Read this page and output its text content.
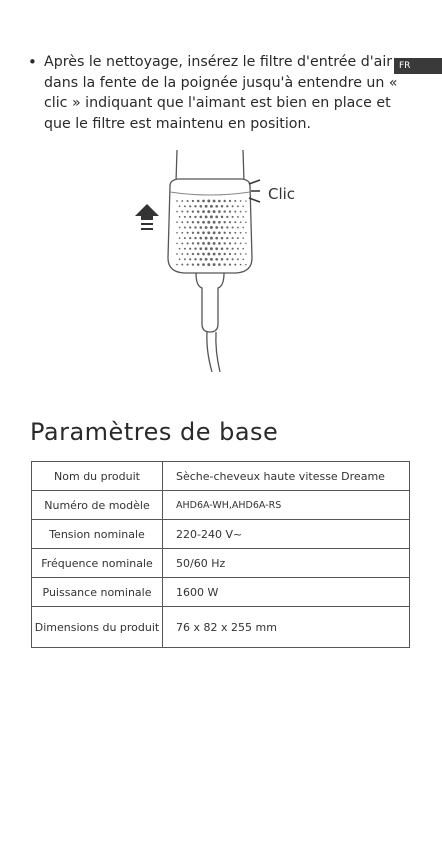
FR
• Après le nettoyage, insérez le filtre d'entrée d'air dans la fente de la poignée jusqu'à entendre un « clic » indiquant que l'aimant est bien en place et que le filtre est maintenu en position.
Clic
Paramètres de base
Nom du produit	Sèche-cheveux haute vitesse Dreame
Numéro de modèle	AHD6A-WH,AHD6A-RS
Tension nominale	220-240 V~
Fréquence nominale	50/60 Hz
Puissance nominale	1600 W
Dimensions du produit	76 x 82 x 255 mm
